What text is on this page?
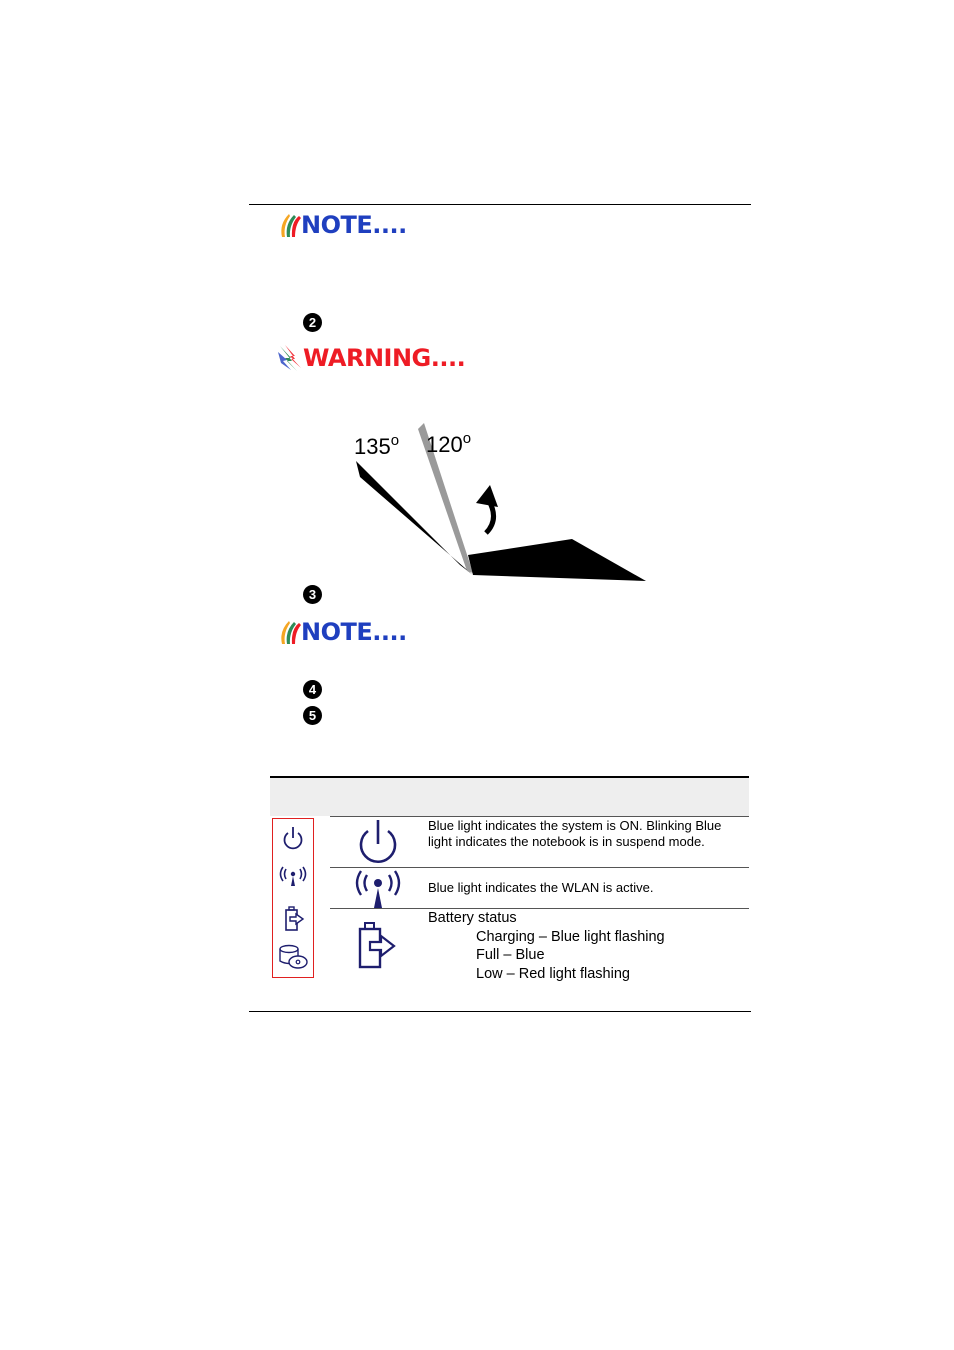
NOTE....
2
WARNING....
135$^o$ 120$^o$
3
NOTE....
4
5
Blue light indicates the system is ON. Blinking Blue light indicates the notebook is in suspend mode.
Blue light indicates the WLAN is active.
Battery status
Charging – Blue light flashing
Full – Blue
Low – Red light flashing
